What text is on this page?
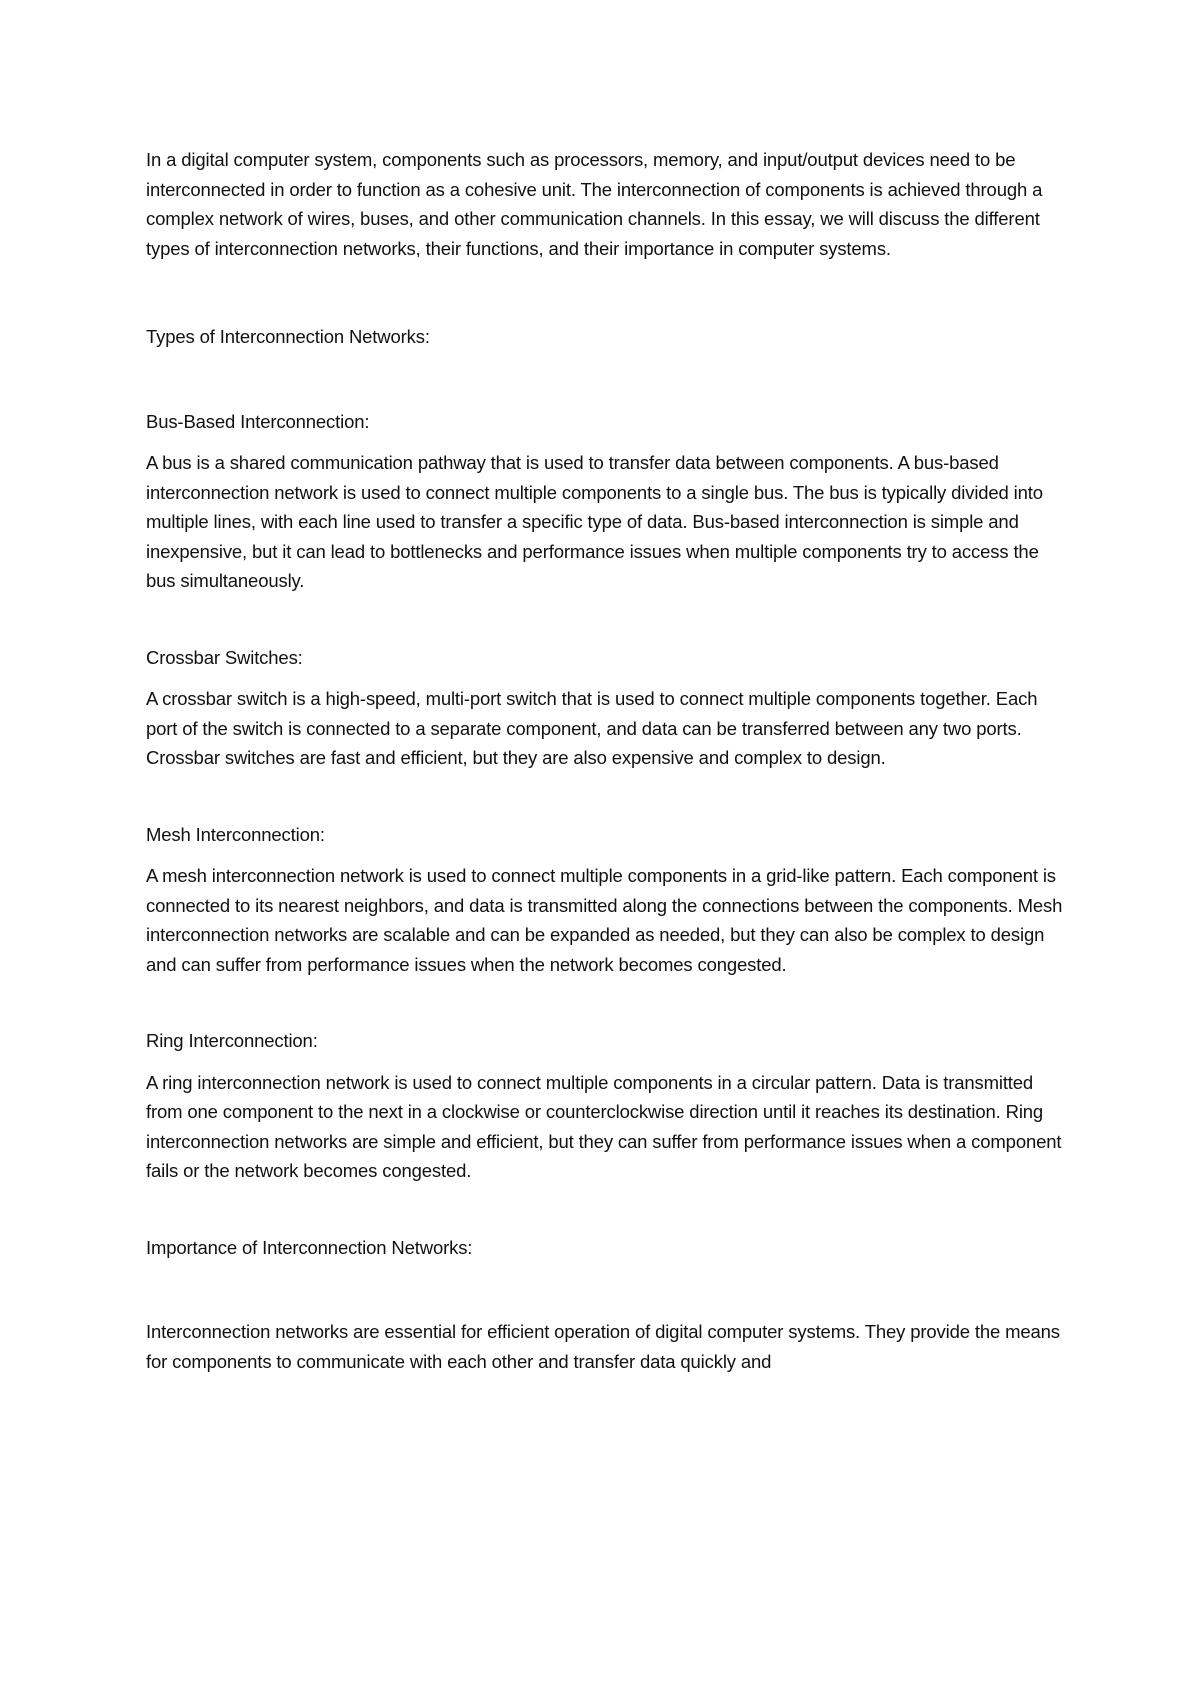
In a digital computer system, components such as processors, memory, and input/output devices need to be interconnected in order to function as a cohesive unit. The interconnection of components is achieved through a complex network of wires, buses, and other communication channels. In this essay, we will discuss the different types of interconnection networks, their functions, and their importance in computer systems.

Types of Interconnection Networks:

Bus-Based Interconnection:

A bus is a shared communication pathway that is used to transfer data between components. A bus-based interconnection network is used to connect multiple components to a single bus. The bus is typically divided into multiple lines, with each line used to transfer a specific type of data. Bus-based interconnection is simple and inexpensive, but it can lead to bottlenecks and performance issues when multiple components try to access the bus simultaneously.

Crossbar Switches:

A crossbar switch is a high-speed, multi-port switch that is used to connect multiple components together. Each port of the switch is connected to a separate component, and data can be transferred between any two ports. Crossbar switches are fast and efficient, but they are also expensive and complex to design.

Mesh Interconnection:

A mesh interconnection network is used to connect multiple components in a grid-like pattern. Each component is connected to its nearest neighbors, and data is transmitted along the connections between the components. Mesh interconnection networks are scalable and can be expanded as needed, but they can also be complex to design and can suffer from performance issues when the network becomes congested.

Ring Interconnection:

A ring interconnection network is used to connect multiple components in a circular pattern. Data is transmitted from one component to the next in a clockwise or counterclockwise direction until it reaches its destination. Ring interconnection networks are simple and efficient, but they can suffer from performance issues when a component fails or the network becomes congested.

Importance of Interconnection Networks:

Interconnection networks are essential for efficient operation of digital computer systems. They provide the means for components to communicate with each other and transfer data quickly and
